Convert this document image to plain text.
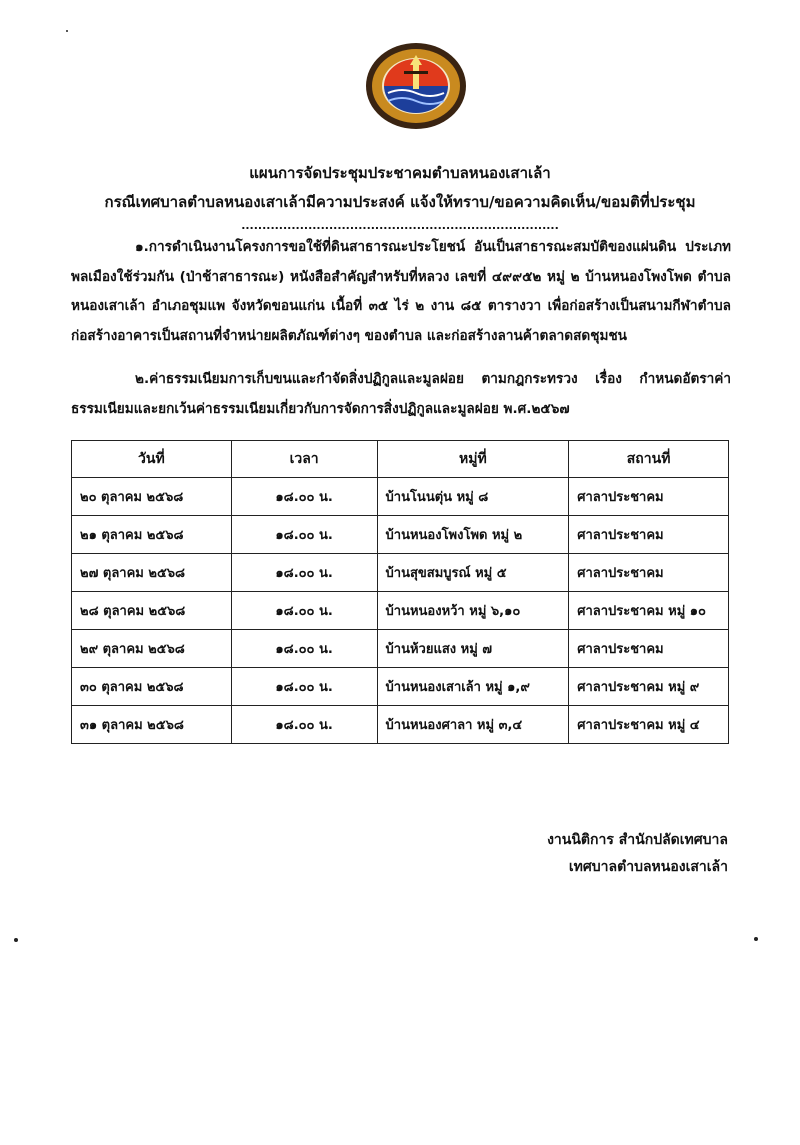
แผนการจัดประชุมประชาคมตำบลหนองเสาเล้า
กรณีเทศบาลตำบลหนองเสาเล้ามีความประสงค์ แจ้งให้ทราบ/ขอความคิดเห็น/ขอมติที่ประชุม
............................................................................
๑.การดำเนินงานโครงการขอใช้ที่ดินสาธารณะประโยชน์ อันเป็นสาธารณะสมบัติของแผ่นดิน ประเภทพลเมืองใช้ร่วมกัน (ป่าช้าสาธารณะ) หนังสือสำคัญสำหรับที่หลวง เลขที่ ๔๙๙๕๒ หมู่ ๒ บ้านหนองโพงโพด ตำบลหนองเสาเล้า อำเภอชุมแพ จังหวัดขอนแก่น เนื้อที่ ๓๕ ไร่ ๒ งาน ๘๕ ตารางวา เพื่อก่อสร้างเป็นสนามกีฬาตำบล ก่อสร้างอาคารเป็นสถานที่จำหน่ายผลิตภัณฑ์ต่างๆ ของตำบล และก่อสร้างลานค้าตลาดสดชุมชน
๒.ค่าธรรมเนียมการเก็บขนและกำจัดสิ่งปฏิกูลและมูลฝอย ตามกฎกระทรวง เรื่อง กำหนดอัตราค่าธรรมเนียมและยกเว้นค่าธรรมเนียมเกี่ยวกับการจัดการสิ่งปฏิกูลและมูลฝอย พ.ศ.๒๕๖๗
วันที่	เวลา	หมู่ที่	สถานที่
๒๐ ตุลาคม ๒๕๖๘	๑๘.๐๐ น.	บ้านโนนตุ่น หมู่ ๘	ศาลาประชาคม
๒๑ ตุลาคม ๒๕๖๘	๑๘.๐๐ น.	บ้านหนองโพงโพด หมู่ ๒	ศาลาประชาคม
๒๗ ตุลาคม ๒๕๖๘	๑๘.๐๐ น.	บ้านสุขสมบูรณ์ หมู่ ๕	ศาลาประชาคม
๒๘ ตุลาคม ๒๕๖๘	๑๘.๐๐ น.	บ้านหนองหว้า หมู่ ๖,๑๐	ศาลาประชาคม หมู่ ๑๐
๒๙ ตุลาคม ๒๕๖๘	๑๘.๐๐ น.	บ้านห้วยแสง หมู่ ๗	ศาลาประชาคม
๓๐ ตุลาคม ๒๕๖๘	๑๘.๐๐ น.	บ้านหนองเสาเล้า หมู่ ๑,๙	ศาลาประชาคม หมู่ ๙
๓๑ ตุลาคม ๒๕๖๘	๑๘.๐๐ น.	บ้านหนองศาลา หมู่ ๓,๔	ศาลาประชาคม หมู่ ๔
งานนิติการ สำนักปลัดเทศบาล
เทศบาลตำบลหนองเสาเล้า
